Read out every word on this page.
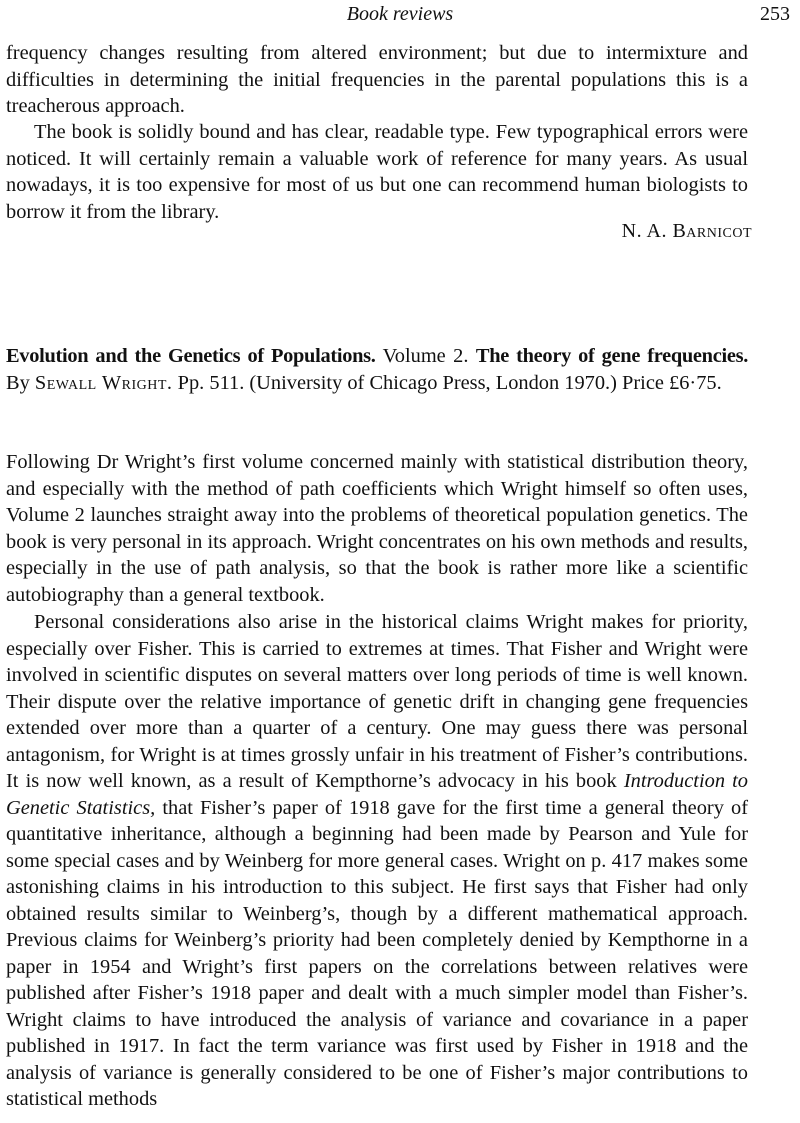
Book reviews	253

frequency changes resulting from altered environment; but due to intermixture and difficulties in determining the initial frequencies in the parental populations this is a treacherous approach.

The book is solidly bound and has clear, readable type. Few typographical errors were noticed. It will certainly remain a valuable work of reference for many years. As usual nowadays, it is too expensive for most of us but one can recommend human biologists to borrow it from the library.

N. A. Barnicot

Evolution and the Genetics of Populations. Volume 2. The theory of gene frequencies. By Sewall Wright. Pp. 511. (University of Chicago Press, London 1970.) Price £6·75.

Following Dr Wright’s first volume concerned mainly with statistical distribution theory, and especially with the method of path coefficients which Wright himself so often uses, Volume 2 launches straight away into the problems of theoretical population genetics. The book is very personal in its approach. Wright concentrates on his own methods and results, especially in the use of path analysis, so that the book is rather more like a scientific autobiography than a general textbook.

Personal considerations also arise in the historical claims Wright makes for priority, especially over Fisher. This is carried to extremes at times. That Fisher and Wright were involved in scientific disputes on several matters over long periods of time is well known. Their dispute over the relative importance of genetic drift in changing gene frequencies extended over more than a quarter of a century. One may guess there was personal antagonism, for Wright is at times grossly unfair in his treatment of Fisher’s contributions. It is now well known, as a result of Kempthorne’s advocacy in his book Introduction to Genetic Statistics, that Fisher’s paper of 1918 gave for the first time a general theory of quantitative inheritance, although a beginning had been made by Pearson and Yule for some special cases and by Weinberg for more general cases. Wright on p. 417 makes some astonishing claims in his introduction to this subject. He first says that Fisher had only obtained results similar to Weinberg’s, though by a different mathematical approach. Previous claims for Weinberg’s priority had been completely denied by Kempthorne in a paper in 1954 and Wright’s first papers on the correlations between relatives were published after Fisher’s 1918 paper and dealt with a much simpler model than Fisher’s. Wright claims to have introduced the analysis of variance and covariance in a paper published in 1917. In fact the term variance was first used by Fisher in 1918 and the analysis of variance is generally considered to be one of Fisher’s major contributions to statistical methods
